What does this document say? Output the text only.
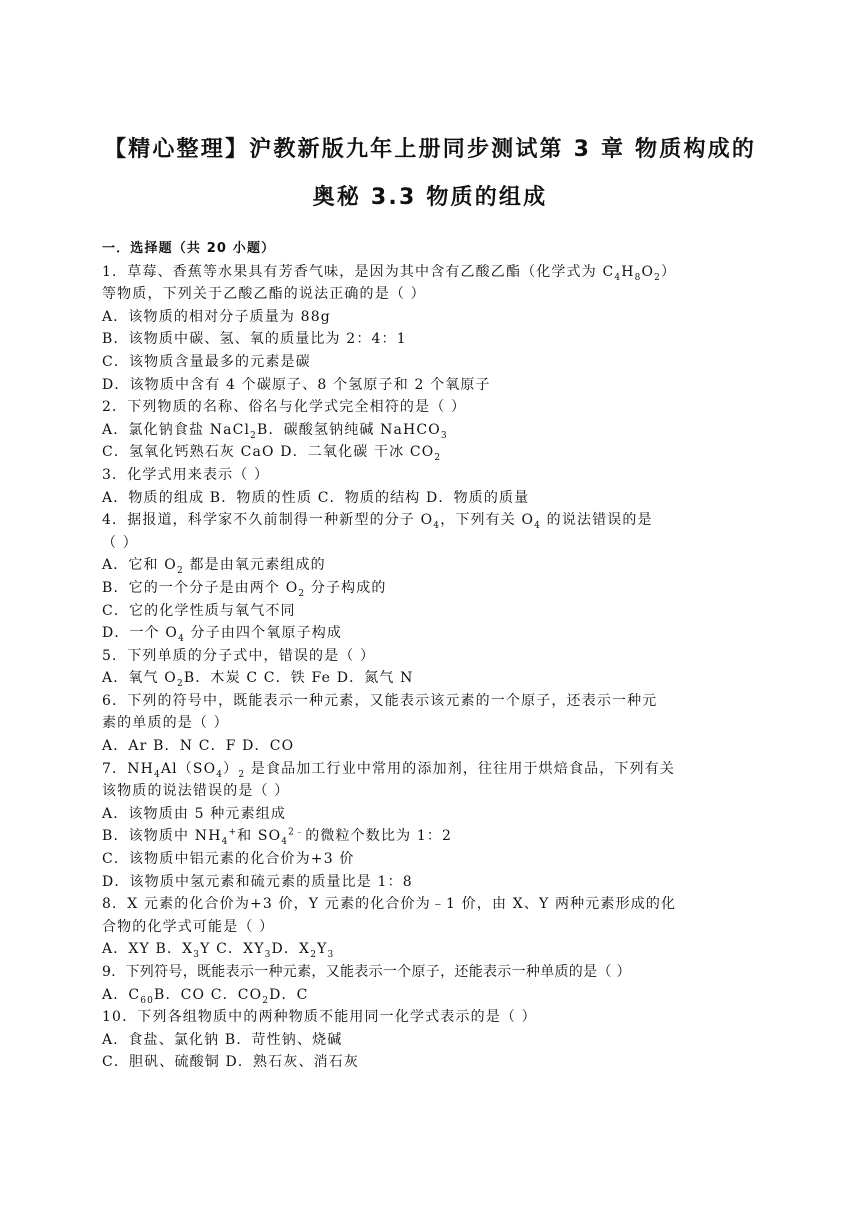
【精心整理】沪教新版九年上册同步测试第 3 章 物质构成的
奥秘 3.3 物质的组成
一．选择题（共 20 小题）
1．草莓、香蕉等水果具有芳香气味，是因为其中含有乙酸乙酯（化学式为 $C_4H_8O_2$）
等物质，下列关于乙酸乙酯的说法正确的是（ ）
A．该物质的相对分子质量为 88g
B．该物质中碳、氢、氧的质量比为 2：4：1
C．该物质含量最多的元素是碳
D．该物质中含有 4 个碳原子、8 个氢原子和 2 个氧原子
2．下列物质的名称、俗名与化学式完全相符的是（ ）
A．氯化钠食盐 NaCl$_2$B．碳酸氢钠纯碱 NaHCO$_3$
C．氢氧化钙熟石灰 CaO D．二氧化碳 干冰 $CO_2$
3．化学式用来表示（ ）
A．物质的组成 B．物质的性质 C．物质的结构 D．物质的质量
4．据报道，科学家不久前制得一种新型的分子 $O_4$，下列有关 $O_4$ 的说法错误的是
（ ）
A．它和 $O_2$ 都是由氧元素组成的
B．它的一个分子是由两个 $O_2$ 分子构成的
C．它的化学性质与氧气不同
D．一个 $O_4$ 分子由四个氧原子构成
5．下列单质的分子式中，错误的是（ ）
A．氧气 $O_2B$．木炭 C C．铁 Fe D．氮气 N
6．下列的符号中，既能表示一种元素，又能表示该元素的一个原子，还表示一种元
素的单质的是（ ）
A．Ar B．N C．F D．CO
7．$NH_4Al(SO_4)_2$ 是食品加工行业中常用的添加剂，往往用于烘焙食品，下列有关
该物质的说法错误的是（ ）
A．该物质由 5 种元素组成
B．该物质中 $NH_4^+$和 $SO_4^{2﹣}$的微粒个数比为 1：2
C．该物质中铝元素的化合价为+3 价
D．该物质中氢元素和硫元素的质量比是 1：8
8．X 元素的化合价为+3 价，Y 元素的化合价为﹣1 价，由 X、Y 两种元素形成的化
合物的化学式可能是（ ）
A．XY B．$X_3Y$ C．$XY_3D$．$X_2Y_3$
9．下列符号，既能表示一种元素，又能表示一个原子，还能表示一种单质的是（ ）
A．$C_{60}B$．CO C．$CO_2D$．C
10．下列各组物质中的两种物质不能用同一化学式表示的是（ ）
A．食盐、氯化钠 B．苛性钠、烧碱
C．胆矾、硫酸铜 D．熟石灰、消石灰
